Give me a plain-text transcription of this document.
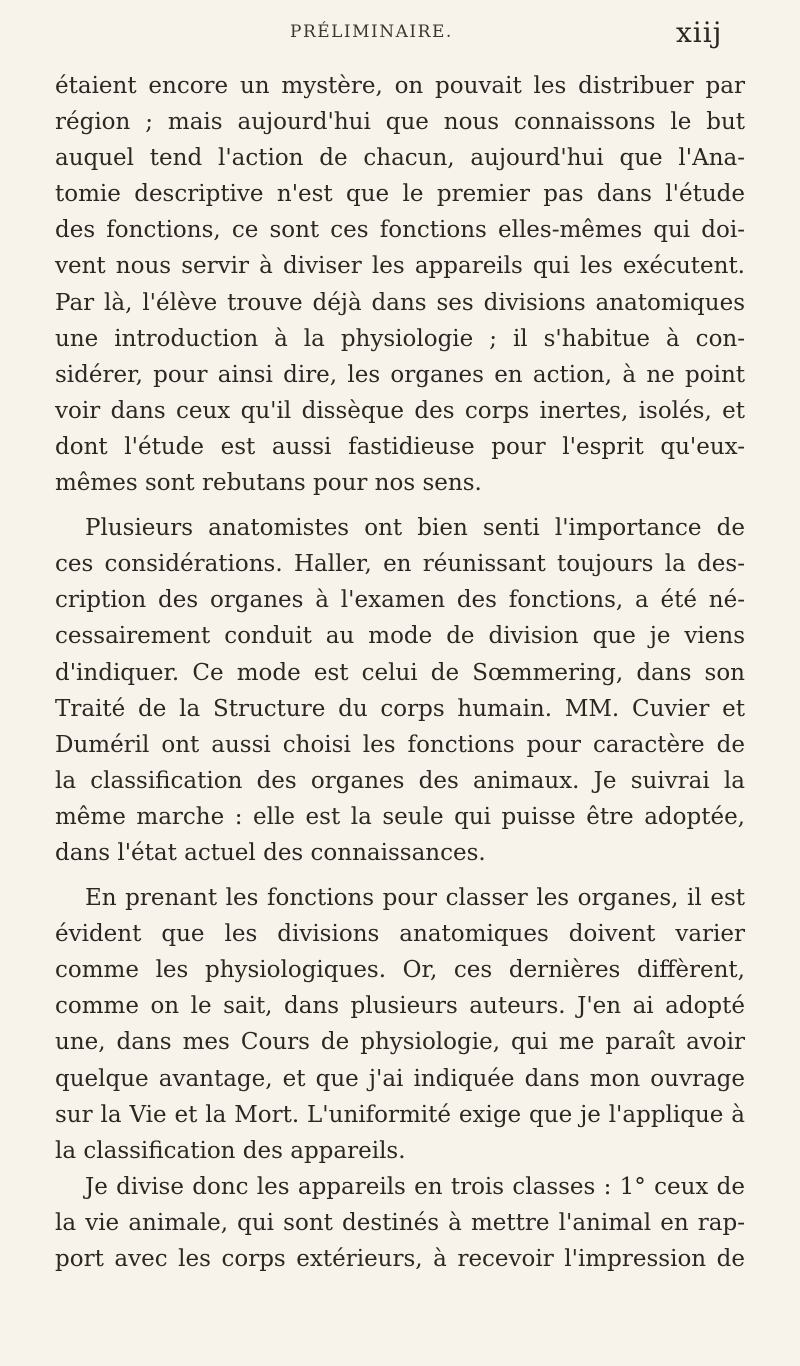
PRÉLIMINAIRE.	xiij
étaient encore un mystère, on pouvait les distribuer par
région ; mais aujourd'hui que nous connaissons le but
auquel tend l'action de chacun, aujourd'hui que l'Ana-
tomie descriptive n'est que le premier pas dans l'étude
des fonctions, ce sont ces fonctions elles-mêmes qui doi-
vent nous servir à diviser les appareils qui les exécutent.
Par là, l'élève trouve déjà dans ses divisions anatomiques
une introduction à la physiologie ; il s'habitue à con-
sidérer, pour ainsi dire, les organes en action, à ne point
voir dans ceux qu'il dissèque des corps inertes, isolés, et
dont l'étude est aussi fastidieuse pour l'esprit qu'eux-
mêmes sont rebutans pour nos sens.
Plusieurs anatomistes ont bien senti l'importance de
ces considérations. Haller, en réunissant toujours la des-
cription des organes à l'examen des fonctions, a été né-
cessairement conduit au mode de division que je viens
d'indiquer. Ce mode est celui de Sœmmering, dans son
Traité de la Structure du corps humain. MM. Cuvier et
Duméril ont aussi choisi les fonctions pour caractère de
la classification des organes des animaux. Je suivrai la
même marche : elle est la seule qui puisse être adoptée,
dans l'état actuel des connaissances.
En prenant les fonctions pour classer les organes, il est
évident que les divisions anatomiques doivent varier
comme les physiologiques. Or, ces dernières diffèrent,
comme on le sait, dans plusieurs auteurs. J'en ai adopté
une, dans mes Cours de physiologie, qui me paraît avoir
quelque avantage, et que j'ai indiquée dans mon ouvrage
sur la Vie et la Mort. L'uniformité exige que je l'applique à
la classification des appareils.
Je divise donc les appareils en trois classes : 1° ceux de
la vie animale, qui sont destinés à mettre l'animal en rap-
port avec les corps extérieurs, à recevoir l'impression de
